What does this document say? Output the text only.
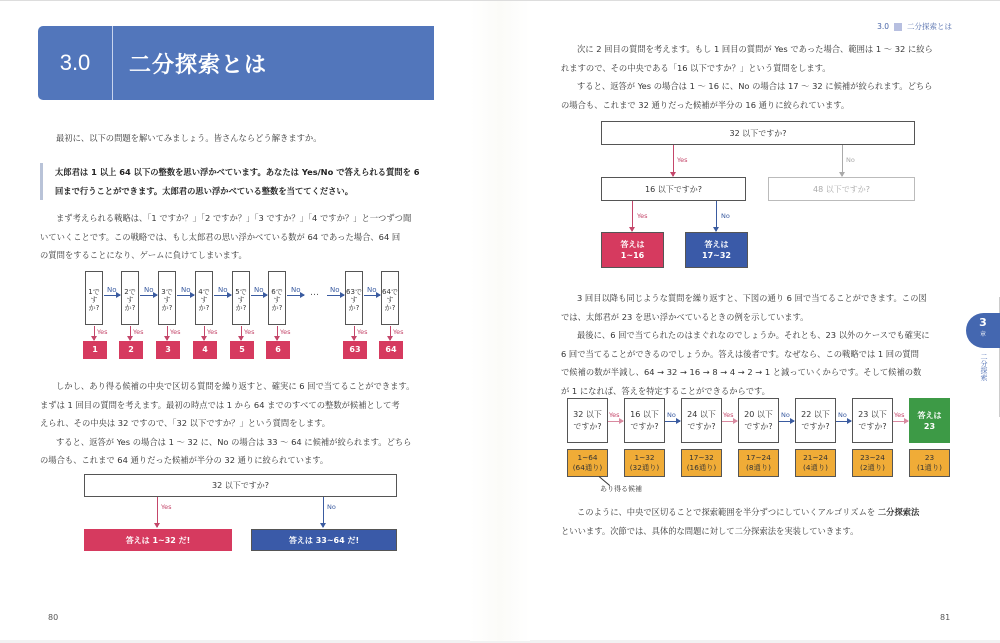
3.0	二分探索とは
最初に、以下の問題を解いてみましょう。皆さんならどう解きますか。
太郎君は 1 以上 64 以下の整数を思い浮かべています。あなたは Yes/No で答えられる質問を 6
回まで行うことができます。太郎君の思い浮かべている整数を当ててください。
まず考えられる戦略は、「1 ですか？」「2 ですか？」「3 ですか？」「4 ですか？」と一つずつ聞
いていくことです。この戦略では、もし太郎君の思い浮かべている数が 64 であった場合、64 回
の質問をすることになり、ゲームに負けてしまいます。
1ですか?
2ですか?
3ですか?
4ですか?
5ですか?
6ですか?
63ですか?
64ですか?
No	No	No	No	No	No … No	No
Yes	Yes	Yes	Yes	Yes	Yes	Yes	Yes
1	2	3	4	5	6	63	64
しかし、あり得る候補の中央で区切る質問を繰り返すと、確実に 6 回で当てることができます。
まずは 1 回目の質問を考えます。最初の時点では 1 から 64 までのすべての整数が候補として考
えられ、その中央は 32 ですので、「32 以下ですか？」という質問をします。
すると、返答が Yes の場合は 1 〜 32 に、No の場合は 33 〜 64 に候補が絞られます。どちら
の場合も、これまで 64 通りだった候補が半分の 32 通りに絞られています。
32 以下ですか?
Yes	No
答えは 1~32 だ!	答えは 33~64 だ!
80
3.0 二分探索とは
次に 2 回目の質問を考えます。もし 1 回目の質問が Yes であった場合、範囲は 1 〜 32 に絞ら
れますので、その中央である「16 以下ですか？」という質問をします。
すると、返答が Yes の場合は 1 〜 16 に、No の場合は 17 〜 32 に候補が絞られます。どちら
の場合も、これまで 32 通りだった候補が半分の 16 通りに絞られています。
32 以下ですか?
Yes	No
16 以下ですか?	48 以下ですか?
Yes	No
答えは
1~16
答えは
17~32
3 回目以降も同じような質問を繰り返すと、下図の通り 6 回で当てることができます。この図
では、太郎君が 23 を思い浮かべているときの例を示しています。
最後に、6 回で当てられたのはまぐれなのでしょうか。それとも、23 以外のケースでも確実に
6 回で当てることができるのでしょうか。答えは後者です。なぜなら、この戦略では 1 回の質問
で候補の数が半減し、64 → 32 → 16 → 8 → 4 → 2 → 1 と減っていくからです。そして候補の数
が 1 になれば、答えを特定することができるからです。
32 以下
ですか?
16 以下
ですか?
24 以下
ですか?
20 以下
ですか?
22 以下
ですか?
23 以下
ですか?
答えは
23
Yes	No	Yes	No	No	Yes
1~64
(64通り)
1~32
(32通り)
17~32
(16通り)
17~24
(8通り)
21~24
(4通り)
23~24
(2通り)
23
(1通り)
あり得る候補
このように、中央で区切ることで探索範囲を半分ずつにしていくアルゴリズムを 二分探索法
といいます。次節では、具体的な問題に対して二分探索法を実装していきます。
3
章
二分探索
81
